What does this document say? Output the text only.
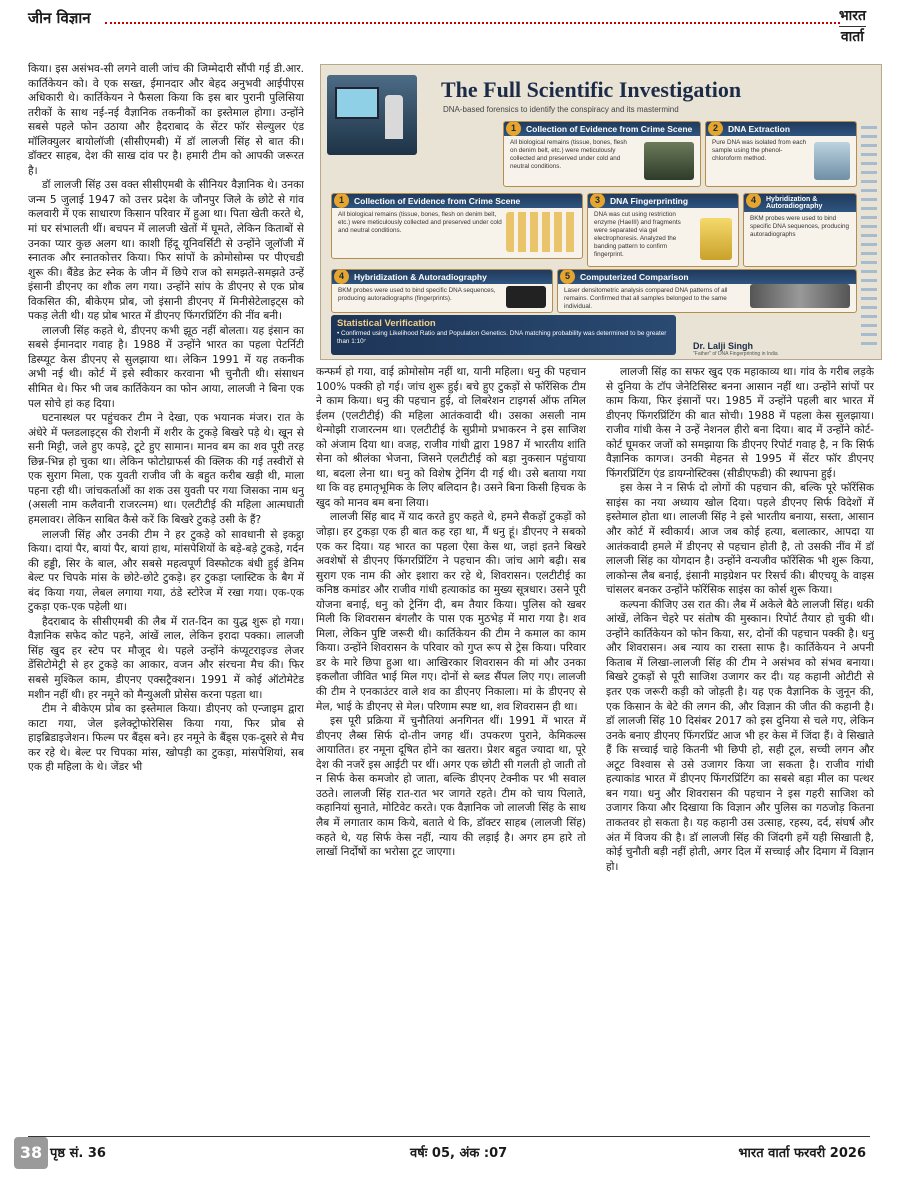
जीन विज्ञान	भारत
वार्ता

किया। इस असंभव-सी लगने वाली जांच की जिम्मेदारी सौंपी गई डी.आर. कार्तिकेयन को। वे एक सख्त, ईमानदार और बेहद अनुभवी आईपीएस अधिकारी थे। कार्तिकेयन ने फैसला किया कि इस बार पुरानी पुलिसिया तरीकों के साथ नई-नई वैज्ञानिक तकनीकों का इस्तेमाल होगा। उन्होंने सबसे पहले फोन उठाया और हैदराबाद के सेंटर फॉर सेल्युलर एंड मॉलिक्युलर बायोलॉजी (सीसीएमबी) में डॉ लालजी सिंह से बात की। डॉक्टर साहब, देश की साख दांव पर है। हमारी टीम को आपकी जरूरत है।

डॉ लालजी सिंह उस वक्त सीसीएमबी के सीनियर वैज्ञानिक थे। उनका जन्म 5 जुलाई 1947 को उत्तर प्रदेश के जौनपुर जिले के छोटे से गांव कलवारी में एक साधारण किसान परिवार में हुआ था। पिता खेती करते थे, मां घर संभालती थीं। बचपन में लालजी खेतों में घूमते, लेकिन किताबों से उनका प्यार कुछ अलग था। काशी हिंदू यूनिवर्सिटी से उन्होंने जूलॉजी में स्नातक और स्नातकोत्तर किया। फिर सांपों के क्रोमोसोम्स पर पीएचडी शुरू की। बैंडेड क्रेट स्नेक के जीन में छिपे राज को समझते-समझते उन्हें इंसानी डीएनए का शौक लग गया। उन्होंने सांप के डीएनए से एक प्रोब विकसित की, बीकेएम प्रोब, जो इंसानी डीएनए में मिनीसेटेलाइट्स को पकड़ लेती थी। यह प्रोब भारत में डीएनए फिंगरप्रिंटिंग की नींव बनी।

लालजी सिंह कहते थे, डीएनए कभी झूठ नहीं बोलता। यह इंसान का सबसे ईमानदार गवाह है। 1988 में उन्होंने भारत का पहला पेटर्निटी डिस्प्यूट केस डीएनए से सुलझाया था। लेकिन 1991 में यह तकनीक अभी नई थी। कोर्ट में इसे स्वीकार करवाना भी चुनौती थी। संसाधन सीमित थे। फिर भी जब कार्तिकेयन का फोन आया, लालजी ने बिना एक पल सोचे हां कह दिया।

घटनास्थल पर पहुंचकर टीम ने देखा, एक भयानक मंजर। रात के अंधेरे में फ्लडलाइट्स की रोशनी में शरीर के टुकड़े बिखरे पड़े थे। खून से सनी मिट्टी, जले हुए कपड़े, टूटे हुए सामान। मानव बम का शव पूरी तरह छिन्न-भिन्न हो चुका था। लेकिन फोटोग्राफर्स की क्लिक की गई तस्वीरों से एक सुराग मिला, एक युवती राजीव जी के बहुत करीब खड़ी थी, माला पहना रही थी। जांचकर्ताओं का शक उस युवती पर गया जिसका नाम धनु (असली नाम कलैवानी राजरत्नम) था। एलटीटीई की महिला आत्मघाती हमलावर। लेकिन साबित कैसे करें कि बिखरे टुकड़े उसी के हैं?

लालजी सिंह और उनकी टीम ने हर टुकड़े को सावधानी से इकट्ठा किया। दायां पैर, बायां पैर, बायां हाथ, मांसपेशियों के बड़े-बड़े टुकड़े, गर्दन की हड्डी, सिर के बाल, और सबसे महत्वपूर्ण विस्फोटक बंधी हुई डेनिम बेल्ट पर चिपके मांस के छोटे-छोटे टुकड़े। हर टुकड़ा प्लास्टिक के बैग में बंद किया गया, लेबल लगाया गया, ठंडे स्टोरेज में रखा गया। एक-एक टुकड़ा एक-एक पहेली था।

हैदराबाद के सीसीएमबी की लैब में रात-दिन का युद्ध शुरू हो गया। वैज्ञानिक सफेद कोट पहने, आंखें लाल, लेकिन इरादा पक्का। लालजी सिंह खुद हर स्टेप पर मौजूद थे। पहले उन्होंने कंप्यूटराइज्ड लेजर डेंसिटोमेट्री से हर टुकड़े का आकार, वजन और संरचना मैच की। फिर सबसे मुश्किल काम, डीएनए एक्सट्रैक्शन। 1991 में कोई ऑटोमेटेड मशीन नहीं थी। हर नमूने को मैन्युअली प्रोसेस करना पड़ता था।

टीम ने बीकेएम प्रोब का इस्तेमाल किया। डीएनए को एन्जाइम द्वारा काटा गया, जेल इलेक्ट्रोफोरेसिस किया गया, फिर प्रोब से हाइब्रिडाइजेशन। फिल्म पर बैंड्स बने। हर नमूने के बैंड्स एक-दूसरे से मैच कर रहे थे। बेल्ट पर चिपका मांस, खोपड़ी का टुकड़ा, मांसपेशियां, सब एक ही महिला के थे। जेंडर भी

The Full Scientific Investigation
DNA-based forensics to identify the conspiracy and its mastermind
1	Collection of Evidence from Crime Scene
All biological remains (tissue, bones, flesh on denim belt, etc.) were meticulously collected and preserved under cold and neutral conditions.
2	DNA Extraction
Pure DNA was isolated from each sample using the phenol-chloroform method.
1	Collection of Evidence from Crime Scene
All biological remains (tissue, bones, flesh on denim belt, etc.) were meticulously collected and preserved under cold and neutral conditions.
3	DNA Fingerprinting
DNA was cut using restriction enzyme (HaeIII) and fragments were separated via gel electrophoresis. Analyzed the banding pattern to confirm fingerprint.
4	Hybridization & Autoradiography
BKM probes were used to bind specific DNA sequences, producing autoradiographs
4	Hybridization & Autoradiography
BKM probes were used to bind specific DNA sequences, producing autoradiographs (fingerprints).
5	Computerized Comparison
Laser densitometric analysis compared DNA patterns of all remains. Confirmed that all samples belonged to the same individual.
Statistical Verification
• Confirmed using Likelihood Ratio and Population Genetics. DNA matching probability was determined to be greater than 1:10⁷	Dr. Lalji Singh
"Father" of DNA Fingerprinting in India

कन्फर्म हो गया, वाई क्रोमोसोम नहीं था, यानी महिला। धनु की पहचान 100% पक्की हो गई। जांच शुरू हुई। बचे हुए टुकड़ों से फॉरेंसिक टीम ने काम किया। धनु की पहचान हुई, वो लिबरेशन टाइगर्स ऑफ तमिल ईलम (एलटीटीई) की महिला आतंकवादी थी। उसका असली नाम थेन्मोझी राजारत्नम था। एलटीटीई के सुप्रीमो प्रभाकरन ने इस साजिश को अंजाम दिया था। वजह, राजीव गांधी द्वारा 1987 में भारतीय शांति सेना को श्रीलंका भेजना, जिसने एलटीटीई को बड़ा नुकसान पहुंचाया था, बदला लेना था। धनु को विशेष ट्रेनिंग दी गई थी। उसे बताया गया था कि वह हमातृभूमिक के लिए बलिदान है। उसने बिना किसी हिचक के खुद को मानव बम बना लिया।

लालजी सिंह बाद में याद करते हुए कहते थे, हमने सैकड़ों टुकड़ों को जोड़ा। हर टुकड़ा एक ही बात कह रहा था, मैं धनु हूं। डीएनए ने सबको एक कर दिया। यह भारत का पहला ऐसा केस था, जहां इतने बिखरे अवशेषों से डीएनए फिंगरप्रिंटिंग ने पहचान की। जांच आगे बढ़ी। सब सुराग एक नाम की ओर इशारा कर रहे थे, शिवरासन। एलटीटीई का कनिष्ठ कमांडर और राजीव गांधी हत्याकांड का मुख्य सूत्रधार। उसने पूरी योजना बनाई, धनु को ट्रेनिंग दी, बम तैयार किया। पुलिस को खबर मिली कि शिवरासन बंगलौर के पास एक मुठभेड़ में मारा गया है। शव मिला, लेकिन पुष्टि जरूरी थी। कार्तिकेयन की टीम ने कमाल का काम किया। उन्होंने शिवरासन के परिवार को गुप्त रूप से ट्रेस किया। परिवार डर के मारे छिपा हुआ था। आखिरकार शिवरासन की मां और उनका इकलौता जीवित भाई मिल गए। दोनों से ब्लड सैंपल लिए गए। लालजी की टीम ने एनकाउंटर वाले शव का डीएनए निकाला। मां के डीएनए से मेल, भाई के डीएनए से मेल। परिणाम स्पष्ट था, शव शिवरासन ही था।

इस पूरी प्रक्रिया में चुनौतियां अनगिनत थीं। 1991 में भारत में डीएनए लैब्स सिर्फ दो-तीन जगह थीं। उपकरण पुराने, केमिकल्स आयातित। हर नमूना दूषित होने का खतरा। प्रेशर बहुत ज्यादा था, पूरे देश की नजरें इस आईटी पर थीं। अगर एक छोटी सी गलती हो जाती तो न सिर्फ केस कमजोर हो जाता, बल्कि डीएनए टेक्नीक पर भी सवाल उठते। लालजी सिंह रात-रात भर जागते रहते। टीम को चाय पिलाते, कहानियां सुनाते, मोटिवेट करते। एक वैज्ञानिक जो लालजी सिंह के साथ लैब में लगातार काम किये, बताते थे कि, डॉक्टर साहब (लालजी सिंह) कहते थे, यह सिर्फ केस नहीं, न्याय की लड़ाई है। अगर हम हारे तो लाखों निर्दोषों का भरोसा टूट जाएगा।

लालजी सिंह का सफर खुद एक महाकाव्य था। गांव के गरीब लड़के से दुनिया के टॉप जेनेटिसिस्ट बनना आसान नहीं था। उन्होंने सांपों पर काम किया, फिर इंसानों पर। 1985 में उन्होंने पहली बार भारत में डीएनए फिंगरप्रिंटिंग की बात सोची। 1988 में पहला केस सुलझाया। राजीव गांधी केस ने उन्हें नेशनल हीरो बना दिया। बाद में उन्होंने कोर्ट-कोर्ट घूमकर जजों को समझाया कि डीएनए रिपोर्ट गवाह है, न कि सिर्फ वैज्ञानिक कागज। उनकी मेहनत से 1995 में सेंटर फॉर डीएनए फिंगरप्रिंटिंग एंड डायग्नोस्टिक्स (सीडीएफडी) की स्थापना हुई।

इस केस ने न सिर्फ दो लोगों की पहचान की, बल्कि पूरे फॉरेंसिक साइंस का नया अध्याय खोल दिया। पहले डीएनए सिर्फ विदेशों में इस्तेमाल होता था। लालजी सिंह ने इसे भारतीय बनाया, सस्ता, आसान और कोर्ट में स्वीकार्य। आज जब कोई हत्या, बलात्कार, आपदा या आतंकवादी हमले में डीएनए से पहचान होती है, तो उसकी नींव में डॉ लालजी सिंह का योगदान है। उन्होंने वन्यजीव फॉरेंसिक भी शुरू किया, लाकोन्स लैब बनाई, इंसानी माइग्रेशन पर रिसर्च की। बीएचयू के वाइस चांसलर बनकर उन्होंने फॉरेंसिक साइंस का कोर्स शुरू किया।

कल्पना कीजिए उस रात की। लैब में अकेले बैठे लालजी सिंह। थकी आंखें, लेकिन चेहरे पर संतोष की मुस्कान। रिपोर्ट तैयार हो चुकी थी। उन्होंने कार्तिकेयन को फोन किया, सर, दोनों की पहचान पक्की है। धनु और शिवरासन। अब न्याय का रास्ता साफ है। कार्तिकेयन ने अपनी किताब में लिखा-लालजी सिंह की टीम ने असंभव को संभव बनाया। बिखरे टुकड़ों से पूरी साजिश उजागर कर दी। यह कहानी ओटीटी से इतर एक जरूरी कड़ी को जोड़ती है। यह एक वैज्ञानिक के जुनून की, एक किसान के बेटे की लगन की, और विज्ञान की जीत की कहानी है। डॉ लालजी सिंह 10 दिसंबर 2017 को इस दुनिया से चले गए, लेकिन उनके बनाए डीएनए फिंगरप्रिंट आज भी हर केस में जिंदा हैं। वे सिखाते हैं कि सच्चाई चाहे कितनी भी छिपी हो, सही टूल, सच्ची लगन और अटूट विश्वास से उसे उजागर किया जा सकता है। राजीव गांधी हत्याकांड भारत में डीएनए फिंगरप्रिंटिंग का सबसे बड़ा मील का पत्थर बन गया। धनु और शिवरासन की पहचान ने इस गहरी साजिश को उजागर किया और दिखाया कि विज्ञान और पुलिस का गठजोड़ कितना ताकतवर हो सकता है। यह कहानी उस उत्साह, रहस्य, दर्द, संघर्ष और अंत में विजय की है। डॉ लालजी सिंह की जिंदगी हमें यही सिखाती है, कोई चुनौती बड़ी नहीं होती, अगर दिल में सच्चाई और दिमाग में विज्ञान हो।

38 पृष्ठ सं. 36	वर्षः 05, अंक :07	भारत वार्ता फरवरी 2026
